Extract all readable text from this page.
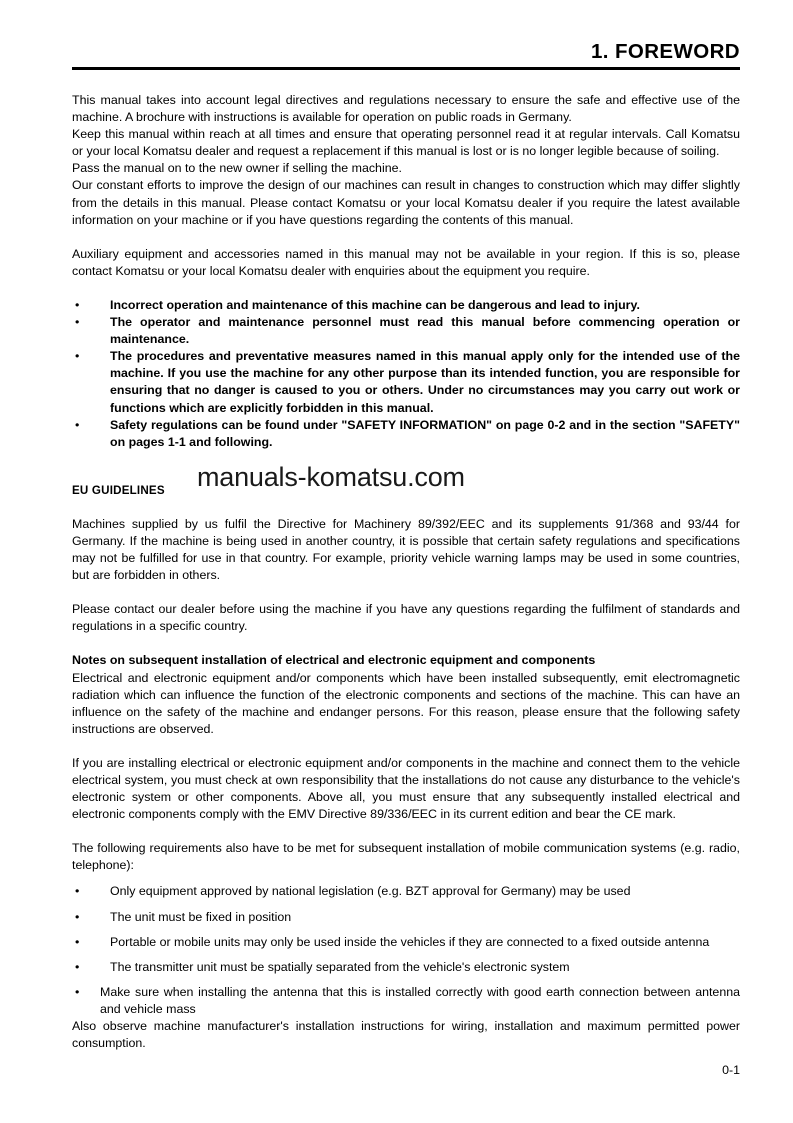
1. FOREWORD

This manual takes into account legal directives and regulations necessary to ensure the safe and effective use of the machine. A brochure with instructions is available for operation on public roads in Germany.

Keep this manual within reach at all times and ensure that operating personnel read it at regular intervals. Call Komatsu or your local Komatsu dealer and request a replacement if this manual is lost or is no longer legible because of soiling.

Pass the manual on to the new owner if selling the machine.

Our constant efforts to improve the design of our machines can result in changes to construction which may differ slightly from the details in this manual. Please contact Komatsu or your local Komatsu dealer if you require the latest available information on your machine or if you have questions regarding the contents of this manual.

Auxiliary equipment and accessories named in this manual may not be available in your region. If this is so, please contact Komatsu or your local Komatsu dealer with enquiries about the equipment you require.

• Incorrect operation and maintenance of this machine can be dangerous and lead to injury.
• The operator and maintenance personnel must read this manual before commencing operation or maintenance.
• The procedures and preventative measures named in this manual apply only for the intended use of the machine. If you use the machine for any other purpose than its intended function, you are responsible for ensuring that no danger is caused to you or others. Under no circumstances may you carry out work or functions which are explicitly forbidden in this manual.
• Safety regulations can be found under "SAFETY INFORMATION" on page 0-2 and in the section "SAFETY" on pages 1-1 and following.

EU GUIDELINES

Machines supplied by us fulfil the Directive for Machinery 89/392/EEC and its supplements 91/368 and 93/44 for Germany. If the machine is being used in another country, it is possible that certain safety regulations and specifications may not be fulfilled for use in that country. For example, priority vehicle warning lamps may be used in some countries, but are forbidden in others.

Please contact our dealer before using the machine if you have any questions regarding the fulfilment of standards and regulations in a specific country.

Notes on subsequent installation of electrical and electronic equipment and components

Electrical and electronic equipment and/or components which have been installed subsequently, emit electromagnetic radiation which can influence the function of the electronic components and sections of the machine. This can have an influence on the safety of the machine and endanger persons. For this reason, please ensure that the following safety instructions are observed.

If you are installing electrical or electronic equipment and/or components in the machine and connect them to the vehicle electrical system, you must check at own responsibility that the installations do not cause any disturbance to the vehicle's electronic system or other components. Above all, you must ensure that any subsequently installed electrical and electronic components comply with the EMV Directive 89/336/EEC in its current edition and bear the CE mark.

The following requirements also have to be met for subsequent installation of mobile communication systems (e.g. radio, telephone):

• Only equipment approved by national legislation (e.g. BZT approval for Germany) may be used
• The unit must be fixed in position
• Portable or mobile units may only be used inside the vehicles if they are connected to a fixed outside antenna
• The transmitter unit must be spatially separated from the vehicle's electronic system
• Make sure when installing the antenna that this is installed correctly with good earth connection between antenna and vehicle mass

Also observe machine manufacturer's installation instructions for wiring, installation and maximum permitted power consumption.

manuals-komatsu.com
0-1
